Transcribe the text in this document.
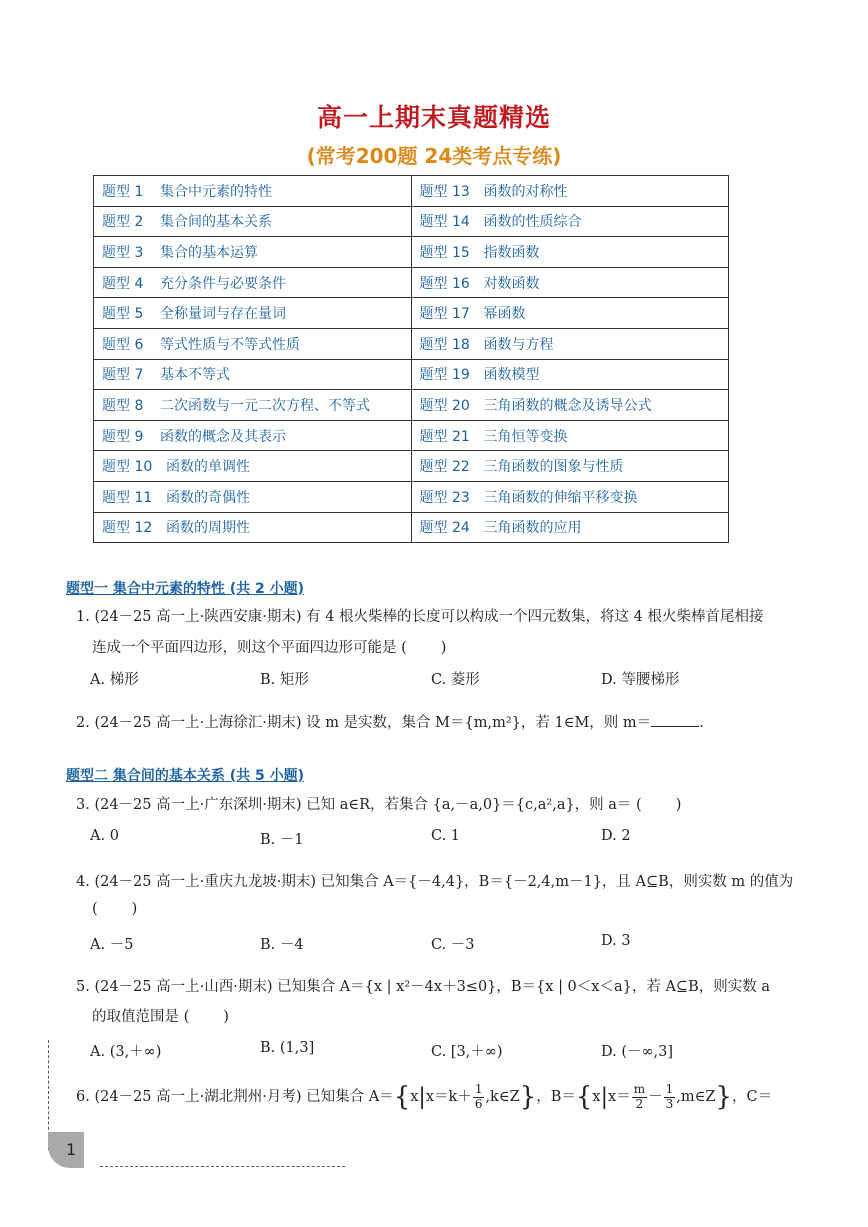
高一上期末真题精选
(常考200题 24类考点专练)
题型 1 集合中元素的特性	题型 13 函数的对称性
题型 2 集合间的基本关系	题型 14 函数的性质综合
题型 3 集合的基本运算	题型 15 指数函数
题型 4 充分条件与必要条件	题型 16 对数函数
题型 5 全称量词与存在量词	题型 17 幂函数
题型 6 等式性质与不等式性质	题型 18 函数与方程
题型 7 基本不等式	题型 19 函数模型
题型 8 二次函数与一元二次方程、不等式	题型 20 三角函数的概念及诱导公式
题型 9 函数的概念及其表示	题型 21 三角恒等变换
题型 10 函数的单调性	题型 22 三角函数的图象与性质
题型 11 函数的奇偶性	题型 23 三角函数的伸缩平移变换
题型 12 函数的周期性	题型 24 三角函数的应用
题型一 集合中元素的特性 (共 2 小题)
1. (24－25 高一上·陕西安康·期末) 有 4 根火柴棒的长度可以构成一个四元数集，将这 4 根火柴棒首尾相接
连成一个平面四边形，则这个平面四边形可能是 ( )
A. 梯形	B. 矩形	C. 菱形	D. 等腰梯形
2. (24－25 高一上·上海徐汇·期末) 设 m 是实数，集合 M＝{m,m²}，若 1∈M，则 m＝	.
题型二 集合间的基本关系 (共 5 小题)
3. (24－25 高一上·广东深圳·期末) 已知 a∈R，若集合 {a,－a,0}＝{c,a²,a}，则 a＝ ( )
A. 0	B. －1	C. 1	D. 2
4. (24－25 高一上·重庆九龙坡·期末) 已知集合 A＝{－4,4}，B＝{－2,4,m－1}，且 A⊆B，则实数 m 的值为
( )
A. －5	B. －4	C. －3	D. 3
5. (24－25 高一上·山西·期末) 已知集合 A＝{x | x²－4x＋3≤0}，B＝{x | 0＜x＜a}，若 A⊆B，则实数 a
的取值范围是 ( )
A. (3,＋∞)	B. (1,3]	C. [3,＋∞)	D. (－∞,3]
6. (24－25 高一上·湖北荆州·月考) 已知集合 $A=\{x|x=k+ \frac{1}{6}$ ,k∈Z}，$B=\{x|x= \frac{m}{2} - \frac{1}{3}$ ,m∈Z}，C＝
1
